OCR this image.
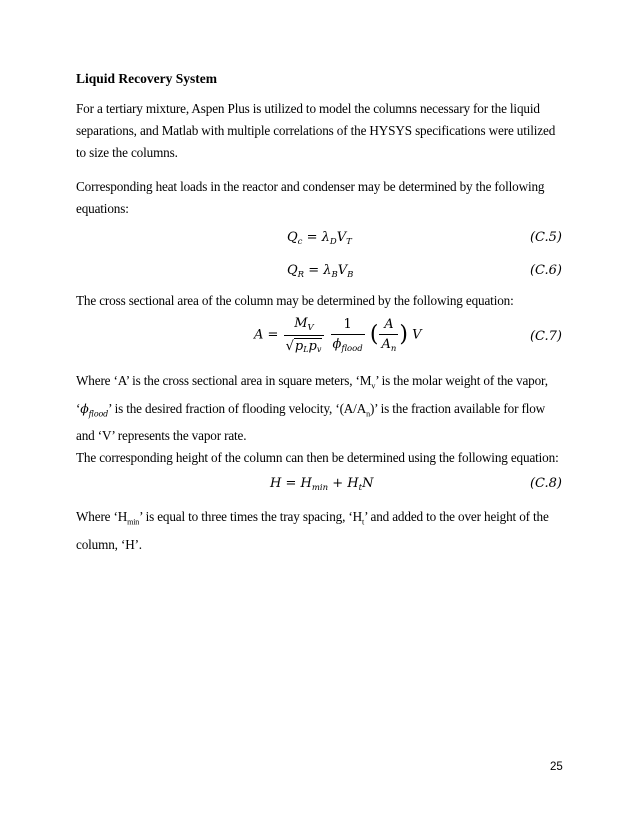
Liquid Recovery System
For a tertiary mixture, Aspen Plus is utilized to model the columns necessary for the liquid separations, and Matlab with multiple correlations of the HYSYS specifications were utilized to size the columns.
Corresponding heat loads in the reactor and condenser may be determined by the following equations:
$Q_c = \lambda_DV_T$	(C.5)
$Q_R = \lambda_BV_B$	(C.6)
The cross sectional area of the column may be determined by the following equation:
$A = \frac{M_V}{\text{√pLpv}}$
$\frac{1}{\phi_{flood}}$ ( $\frac{A}{A_n}$ ) V	(C.7)
Where ‘A’ is the cross sectional area in square meters, ‘$M_v$’ is the molar weight of the vapor, ‘$\phi_{flood}$’ is the desired fraction of flooding velocity, ‘$(A/A_n)$’ is the fraction available for flow and ‘V’ represents the vapor rate.
The corresponding height of the column can then be determined using the following equation:
$H = H_{min} + H_tN$	(C.8)
Where ‘$H_{min}$’ is equal to three times the tray spacing, ‘$H_t$’ and added to the over height of the column, ‘H’.
25
